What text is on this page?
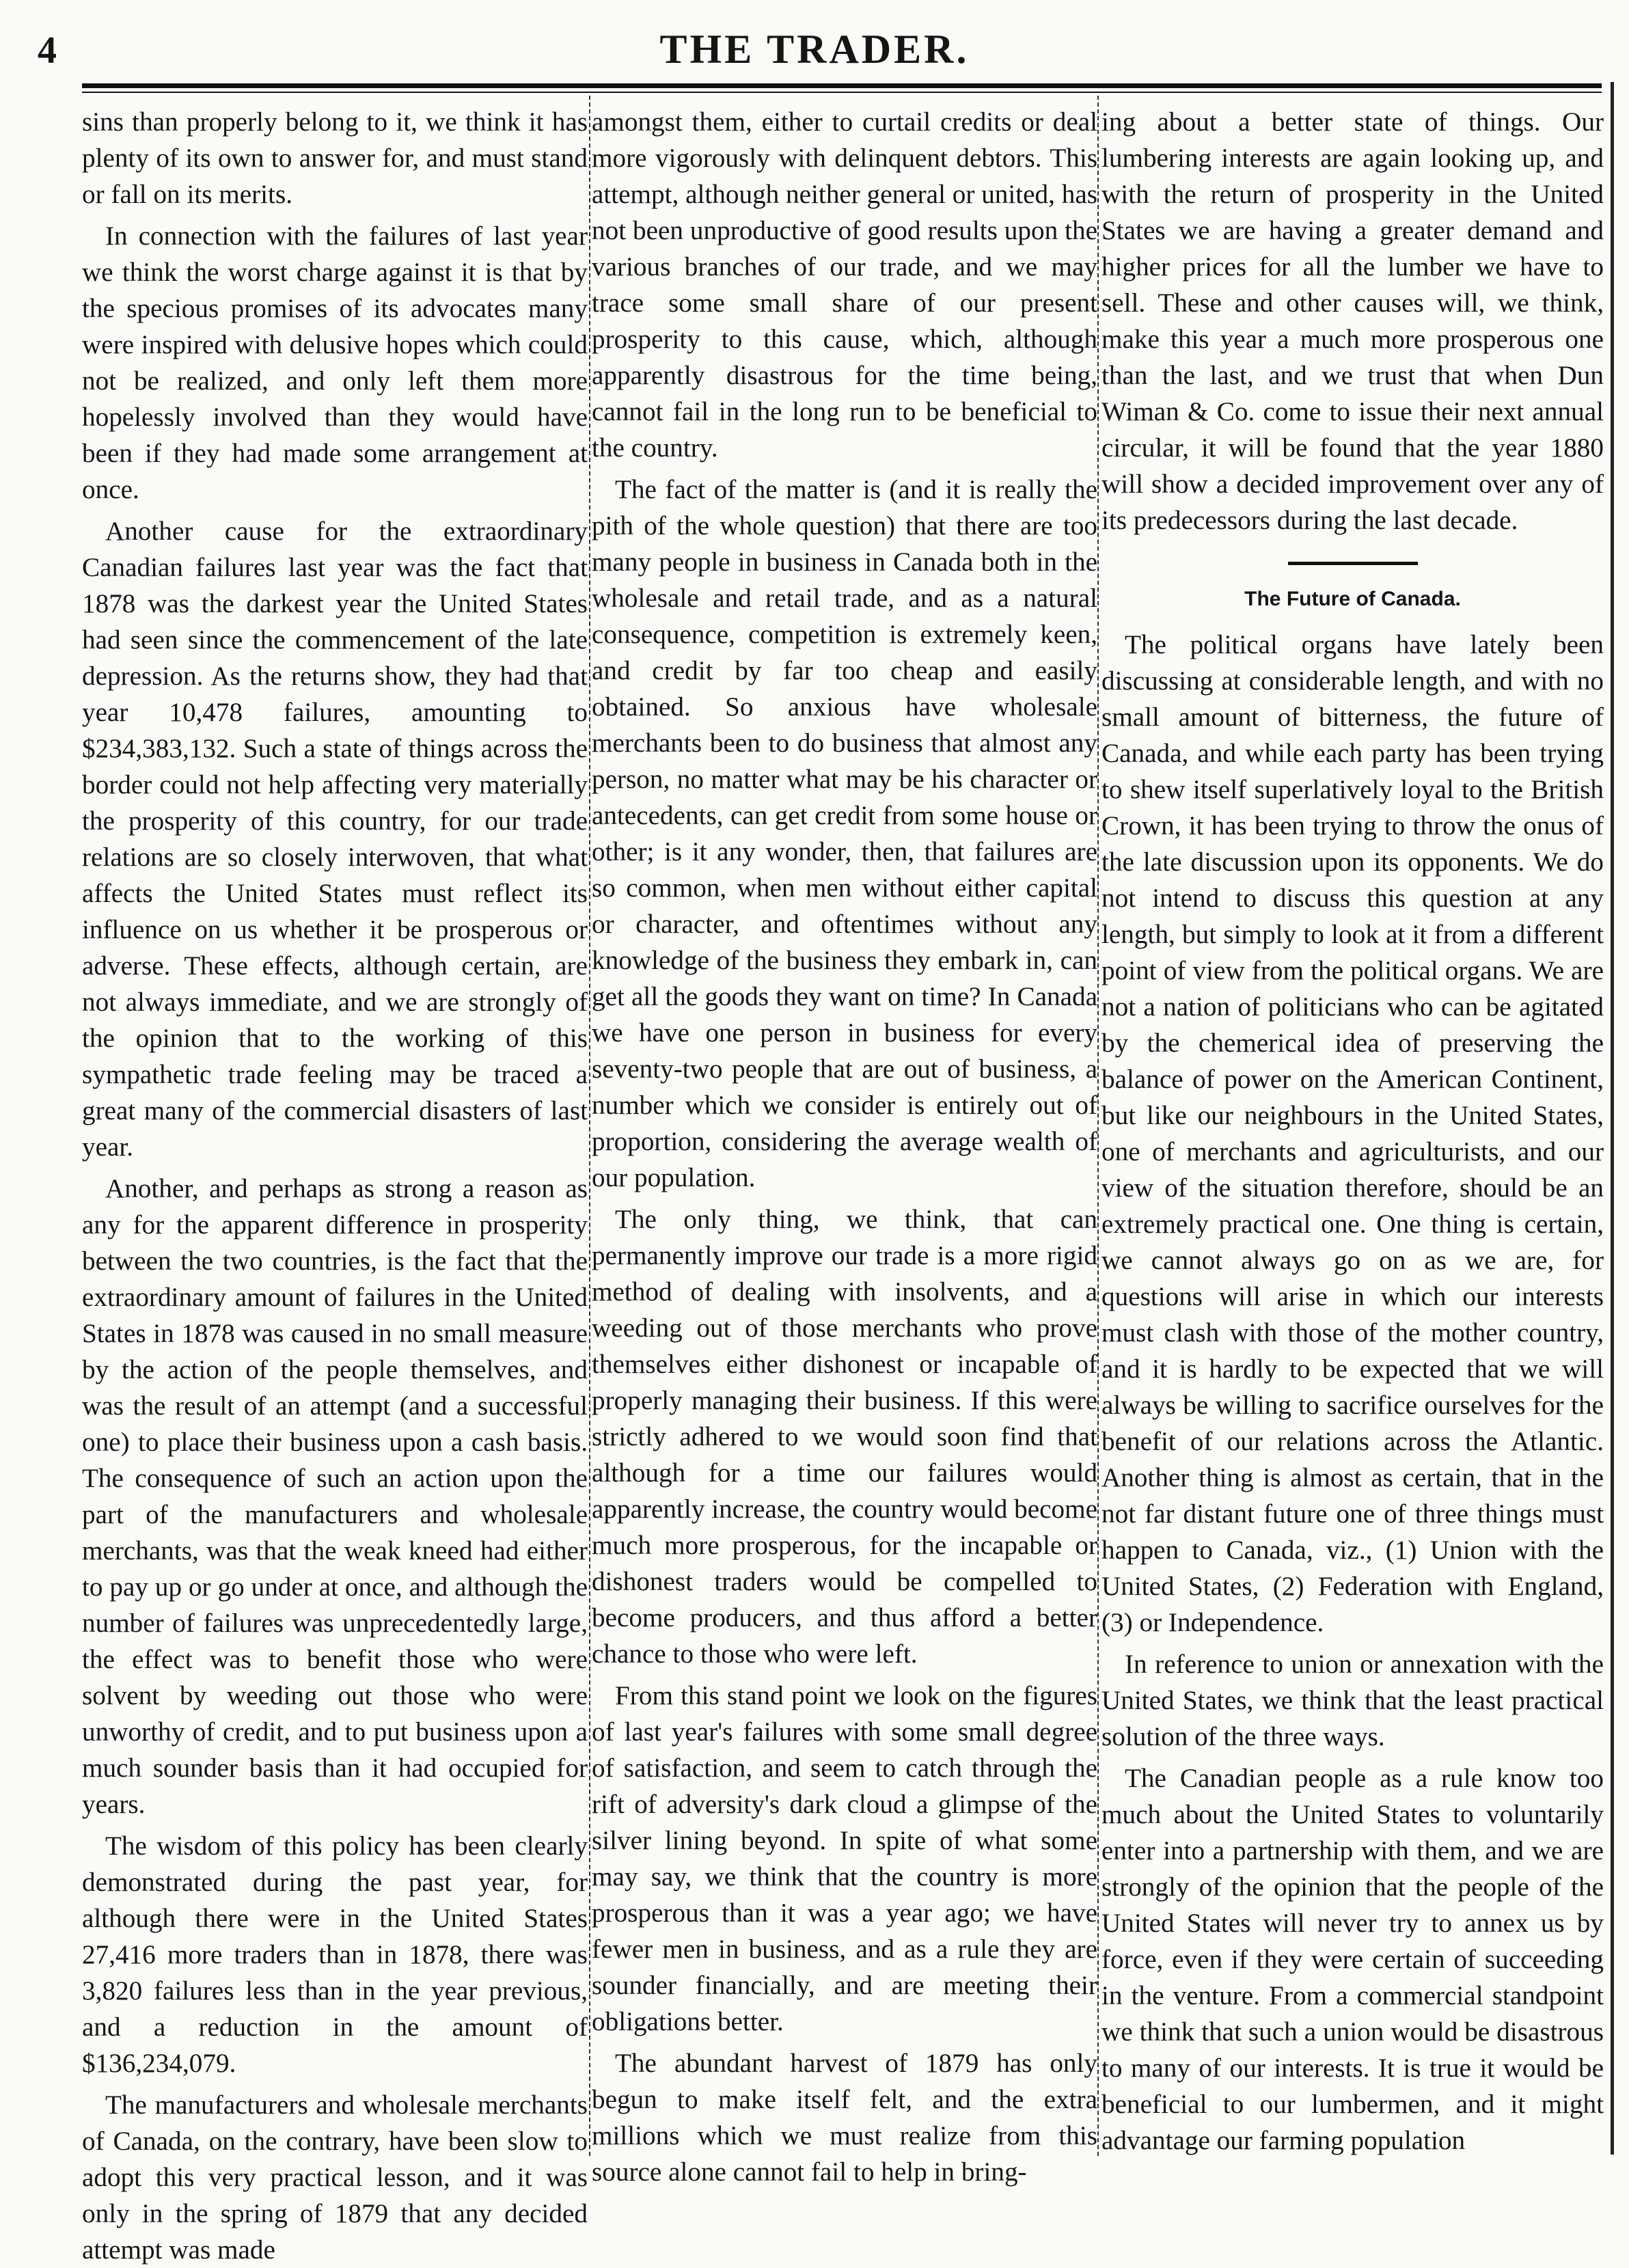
4	THE TRADER.

sins than properly belong to it, we think it has plenty of its own to answer for, and must stand or fall on its merits.

In connection with the failures of last year we think the worst charge against it is that by the specious promises of its advocates many were inspired with delusive hopes which could not be realized, and only left them more hopelessly involved than they would have been if they had made some arrangement at once.

Another cause for the extraordinary Canadian failures last year was the fact that 1878 was the darkest year the United States had seen since the commencement of the late depression. As the returns show, they had that year 10,478 failures, amounting to $234,383,132. Such a state of things across the border could not help affecting very materially the prosperity of this country, for our trade relations are so closely interwoven, that what affects the United States must reflect its influence on us whether it be prosperous or adverse. These effects, although certain, are not always immediate, and we are strongly of the opinion that to the working of this sympathetic trade feeling may be traced a great many of the commercial disasters of last year.

Another, and perhaps as strong a reason as any for the apparent difference in prosperity between the two countries, is the fact that the extraordinary amount of failures in the United States in 1878 was caused in no small measure by the action of the people themselves, and was the result of an attempt (and a successful one) to place their business upon a cash basis. The consequence of such an action upon the part of the manufacturers and wholesale merchants, was that the weak kneed had either to pay up or go under at once, and although the number of failures was unprecedentedly large, the effect was to benefit those who were solvent by weeding out those who were unworthy of credit, and to put business upon a much sounder basis than it had occupied for years.

The wisdom of this policy has been clearly demonstrated during the past year, for although there were in the United States 27,416 more traders than in 1878, there was 3,820 failures less than in the year previous, and a reduction in the amount of $136,234,079.

The manufacturers and wholesale merchants of Canada, on the contrary, have been slow to adopt this very practical lesson, and it was only in the spring of 1879 that any decided attempt was made

amongst them, either to curtail credits or deal more vigorously with delinquent debtors. This attempt, although neither general or united, has not been unproductive of good results upon the various branches of our trade, and we may trace some small share of our present prosperity to this cause, which, although apparently disastrous for the time being, cannot fail in the long run to be beneficial to the country.

The fact of the matter is (and it is really the pith of the whole question) that there are too many people in business in Canada both in the wholesale and retail trade, and as a natural consequence, competition is extremely keen, and credit by far too cheap and easily obtained. So anxious have wholesale merchants been to do business that almost any person, no matter what may be his character or antecedents, can get credit from some house or other; is it any wonder, then, that failures are so common, when men without either capital or character, and oftentimes without any knowledge of the business they embark in, can get all the goods they want on time? In Canada we have one person in business for every seventy-two people that are out of business, a number which we consider is entirely out of proportion, considering the average wealth of our population.

The only thing, we think, that can permanently improve our trade is a more rigid method of dealing with insolvents, and a weeding out of those merchants who prove themselves either dishonest or incapable of properly managing their business. If this were strictly adhered to we would soon find that although for a time our failures would apparently increase, the country would become much more prosperous, for the incapable or dishonest traders would be compelled to become producers, and thus afford a better chance to those who were left.

From this stand point we look on the figures of last year's failures with some small degree of satisfaction, and seem to catch through the rift of adversity's dark cloud a glimpse of the silver lining beyond. In spite of what some may say, we think that the country is more prosperous than it was a year ago; we have fewer men in business, and as a rule they are sounder financially, and are meeting their obligations better.

The abundant harvest of 1879 has only begun to make itself felt, and the extra millions which we must realize from this source alone cannot fail to help in bring-

ing about a better state of things. Our lumbering interests are again looking up, and with the return of prosperity in the United States we are having a greater demand and higher prices for all the lumber we have to sell. These and other causes will, we think, make this year a much more prosperous one than the last, and we trust that when Dun Wiman & Co. come to issue their next annual circular, it will be found that the year 1880 will show a decided improvement over any of its predecessors during the last decade.

The Future of Canada.

The political organs have lately been discussing at considerable length, and with no small amount of bitterness, the future of Canada, and while each party has been trying to shew itself superlatively loyal to the British Crown, it has been trying to throw the onus of the late discussion upon its opponents. We do not intend to discuss this question at any length, but simply to look at it from a different point of view from the political organs. We are not a nation of politicians who can be agitated by the chemerical idea of preserving the balance of power on the American Continent, but like our neighbours in the United States, one of merchants and agriculturists, and our view of the situation therefore, should be an extremely practical one. One thing is certain, we cannot always go on as we are, for questions will arise in which our interests must clash with those of the mother country, and it is hardly to be expected that we will always be willing to sacrifice ourselves for the benefit of our relations across the Atlantic. Another thing is almost as certain, that in the not far distant future one of three things must happen to Canada, viz., (1) Union with the United States, (2) Federation with England, (3) or Independence.

In reference to union or annexation with the United States, we think that the least practical solution of the three ways.

The Canadian people as a rule know too much about the United States to voluntarily enter into a partnership with them, and we are strongly of the opinion that the people of the United States will never try to annex us by force, even if they were certain of succeeding in the venture. From a commercial standpoint we think that such a union would be disastrous to many of our interests. It is true it would be beneficial to our lumbermen, and it might advantage our farming population
